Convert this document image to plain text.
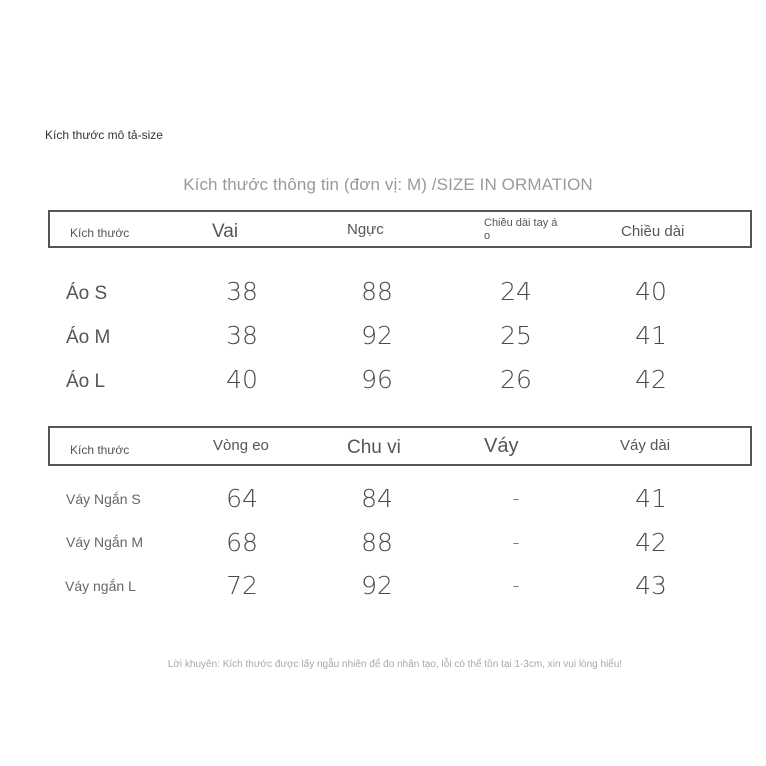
Kích thước mô tả-size
Kích thước thông tin (đơn vị: M) /SIZE IN ORMATION
Kích thước	Vai	Ngực	Chiều dài tay á o	Chiều dài
Áo S	38	88	24	40
Áo M	38	92	25	41
Áo L	40	96	26	42
Kích thước	Vòng eo	Chu vi	Váy	Váy dài
Váy Ngắn S	64	84	-	41
Váy Ngắn M	68	88	-	42
Váy ngắn L	72	92	-	43
Lời khuyên: Kích thước được lấy ngẫu nhiên để đo nhân tạo, lỗi có thể tồn tại 1-3cm, xin vui lòng hiểu!
